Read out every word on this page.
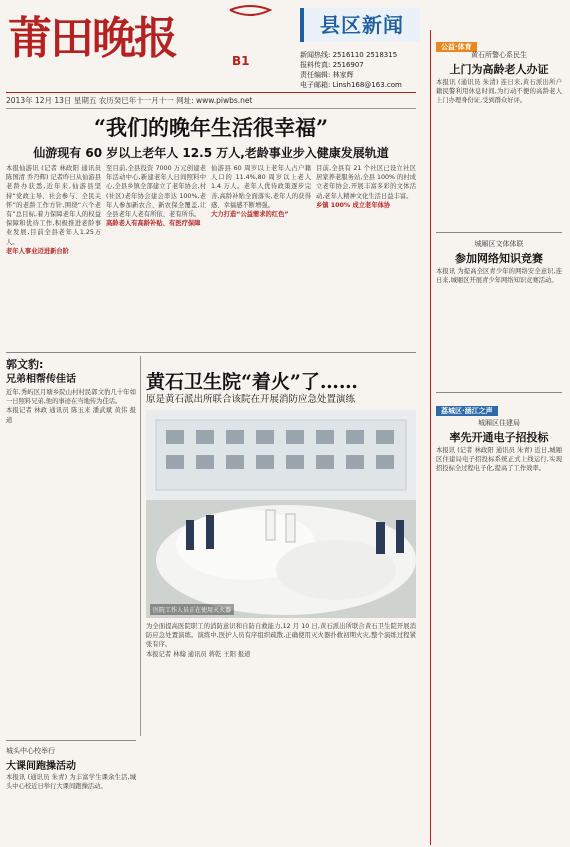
莆田晚报	B1
县区新闻
新闻热线: 2516110 2518315
报料传真: 2516907
责任编辑: 林家辉
电子邮箱: Linsh168@163.com
2013年 12月 13日 星期五 农历癸巳年十一月十一 网址: www.piwbs.net
“我们的晚年生活很幸福”
仙游现有 60 岁以上老年人 12.5 万人,老龄事业步入健康发展轨道
本报仙游讯 (记者 林政阳 通讯员 陈国清 乔丹辉) 记者昨日从仙游县老龄办获悉,近年来,仙游县坚持“党政主导、社会参与、全民关怀”的老龄工作方针,围绕“六个老有”总目标,着力保障老年人的权益保障和优待工作,积极推进老龄事业发展,目前全县老年人1.25万人。
老年人事业迈进新台阶
至目前,全县投资 7000 万元创建老年活动中心,新建老年人日间照料中心,全县乡镇全部建立了老年协会,村(社区)老年协会建会率达 100%,老年人参加新农合、新农保全覆盖,让全县老年人老有所依、老有所乐。
高龄老人有高龄补贴、有医疗保障
仙游县 60 周岁以上老年人占户籍人口的 11.4%,80 周岁以上老人 1.4 万人。老年人优待政策逐步完善,高龄补贴全面落实,老年人的获得感、幸福感不断增强。
大力打造“公益需求的红色”
目前,全县有 21 个社区已设立社区居家养老服务站,全县 100% 的村成立老年协会,开展丰富多彩的文体活动,老年人精神文化生活日益丰富。
乡镇 100% 成立老年体协
郭文豹:
兄弟相帮传佳话
近年,秀屿区月塘乡院山村村民郭文豹几十年如一日照料兄弟,他的事迹在当地传为佳话。
本报记者 林政 通讯员 陈玉来 潘武斌 黄伟 报道
黄石卫生院“着火”了……
原是黄石派出所联合该院在开展消防应急处置演练
医院工作人员正在使用灭火器
为全面提高医院职工的消防意识和自防自救能力,12 月 10 日,黄石派出所联合黄石卫生院开展消防应急处置演练。演练中,医护人员有序组织疏散,正确使用灭火器扑救初期火灾,整个演练过程紧张有序。
本报记者 林翰 通讯员 蒋乾 王阳 报道
公益·体育
黄石所警心系民生
上门为高龄老人办证
本报讯 (通讯员 朱清) 连日来,黄石派出所户籍民警利用休息时间,为行动不便的高龄老人上门办理身份证,受到群众好评。
城厢区文体体联
参加网络知识竞赛
本报讯 为提高全区青少年的网络安全意识,连日来,城厢区开展青少年网络知识竞赛活动。
荔城区·涵江之声
城厢区住建局
率先开通电子招投标
本报讯 (记者 林政阳 通讯员 朱青) 近日,城厢区住建局电子招投标系统正式上线运行,实现招投标全过程电子化,提高了工作效率。
城头中心校举行
大课间跑操活动
本报讯 (通讯员 朱青) 为丰富学生课余生活,城头中心校近日举行大课间跑操活动。
